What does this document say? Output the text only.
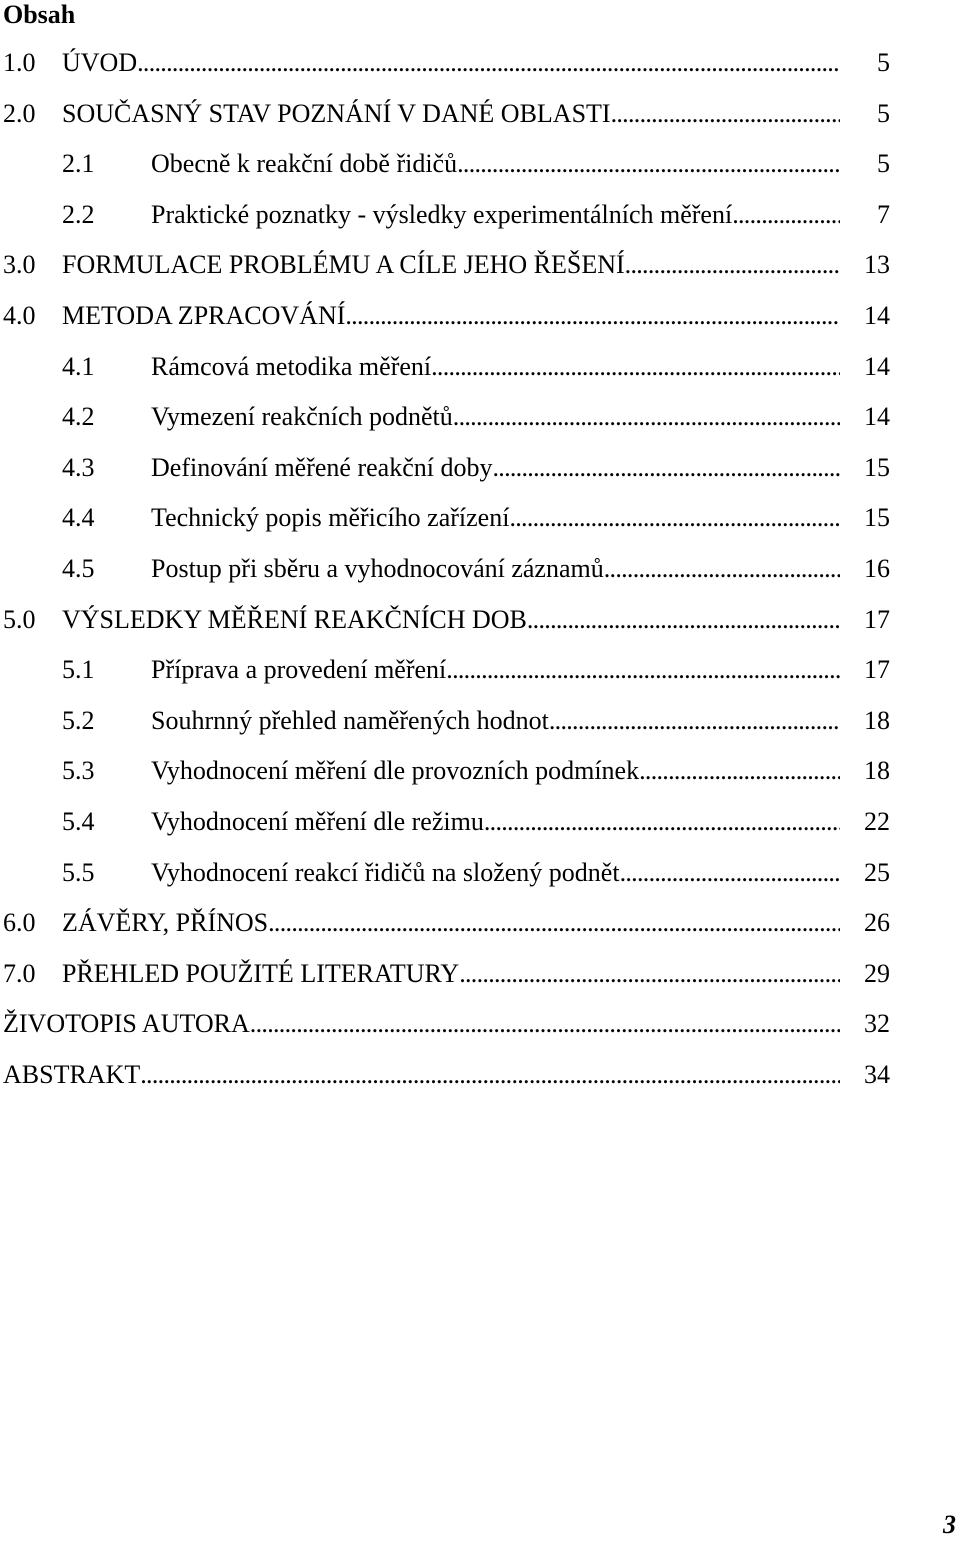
Obsah
1.0 ÚVOD . . .	5
2.0 SOUČASNÝ STAV POZNÁNÍ V DANÉ OBLASTI . . .	5
2.1 Obecně k reakční době řidičů . . .	5
2.2 Praktické poznatky - výsledky experimentálních měření . . .	7
3.0 FORMULACE PROBLÉMU A CÍLE JEHO ŘEŠENÍ . . .	13
4.0 METODA ZPRACOVÁNÍ . . .	14
4.1 Rámcová metodika měření . . .	14
4.2 Vymezení reakčních podnětů . . .	14
4.3 Definování měřené reakční doby . . .	15
4.4 Technický popis měřicího zařízení . . .	15
4.5 Postup při sběru a vyhodnocování záznamů . . .	16
5.0 VÝSLEDKY MĚŘENÍ REAKČNÍCH DOB . . .	17
5.1 Příprava a provedení měření . . .	17
5.2 Souhrnný přehled naměřených hodnot . . .	18
5.3 Vyhodnocení měření dle provozních podmínek . . .	18
5.4 Vyhodnocení měření dle režimu . . .	22
5.5 Vyhodnocení reakcí řidičů na složený podnět . . .	25
6.0 ZÁVĚRY, PŘÍNOS . . .	26
7.0 PŘEHLED POUŽITÉ LITERATURY . . .	29
ŽIVOTOPIS AUTORA . . .	32
ABSTRAKT . . .	34
3
